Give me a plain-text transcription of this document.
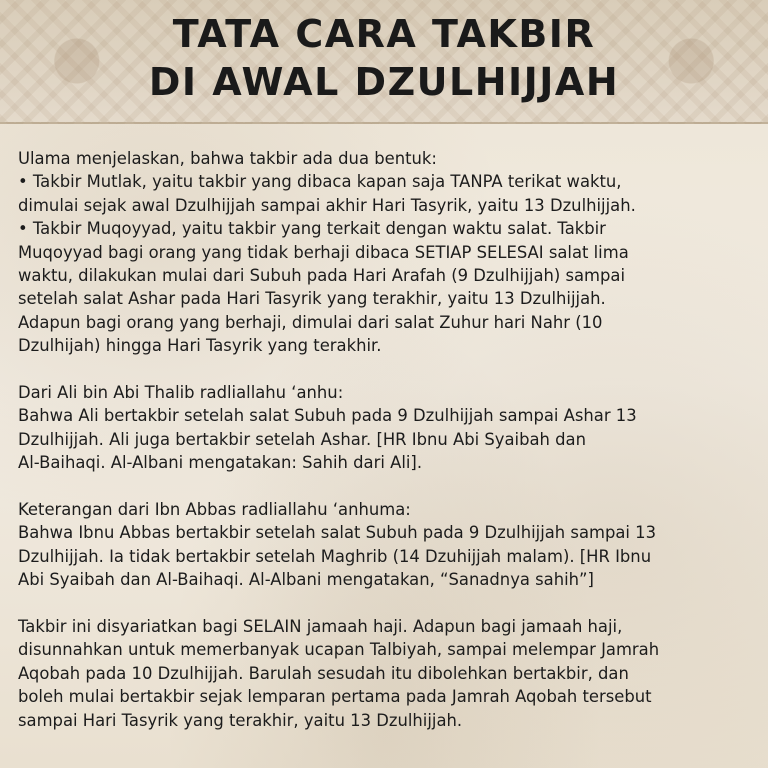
TATA CARA TAKBIR
DI AWAL DZULHIJJAH
Ulama menjelaskan, bahwa takbir ada dua bentuk:
• Takbir Mutlak, yaitu takbir yang dibaca kapan saja TANPA terikat waktu,
dimulai sejak awal Dzulhijjah sampai akhir Hari Tasyrik, yaitu 13 Dzulhijjah.
• Takbir Muqoyyad, yaitu takbir yang terkait dengan waktu salat. Takbir
Muqoyyad bagi orang yang tidak berhaji dibaca SETIAP SELESAI salat lima
waktu, dilakukan mulai dari Subuh pada Hari Arafah (9 Dzulhijjah) sampai
setelah salat Ashar pada Hari Tasyrik yang terakhir, yaitu 13 Dzulhijjah.
Adapun bagi orang yang berhaji, dimulai dari salat Zuhur hari Nahr (10
Dzulhijah) hingga Hari Tasyrik yang terakhir.
Dari Ali bin Abi Thalib radliallahu ‘anhu:
Bahwa Ali bertakbir setelah salat Subuh pada 9 Dzulhijjah sampai Ashar 13
Dzulhijjah. Ali juga bertakbir setelah Ashar. [HR Ibnu Abi Syaibah dan
Al-Baihaqi. Al-Albani mengatakan: Sahih dari Ali].
Keterangan dari Ibn Abbas radliallahu ‘anhuma:
Bahwa Ibnu Abbas bertakbir setelah salat Subuh pada 9 Dzulhijjah sampai 13
Dzulhijjah. Ia tidak bertakbir setelah Maghrib (14 Dzuhijjah malam). [HR Ibnu
Abi Syaibah dan Al-Baihaqi. Al-Albani mengatakan, “Sanadnya sahih”]
Takbir ini disyariatkan bagi SELAIN jamaah haji. Adapun bagi jamaah haji,
disunnahkan untuk memerbanyak ucapan Talbiyah, sampai melempar Jamrah
Aqobah pada 10 Dzulhijjah. Barulah sesudah itu dibolehkan bertakbir, dan
boleh mulai bertakbir sejak lemparan pertama pada Jamrah Aqobah tersebut
sampai Hari Tasyrik yang terakhir, yaitu 13 Dzulhijjah.
